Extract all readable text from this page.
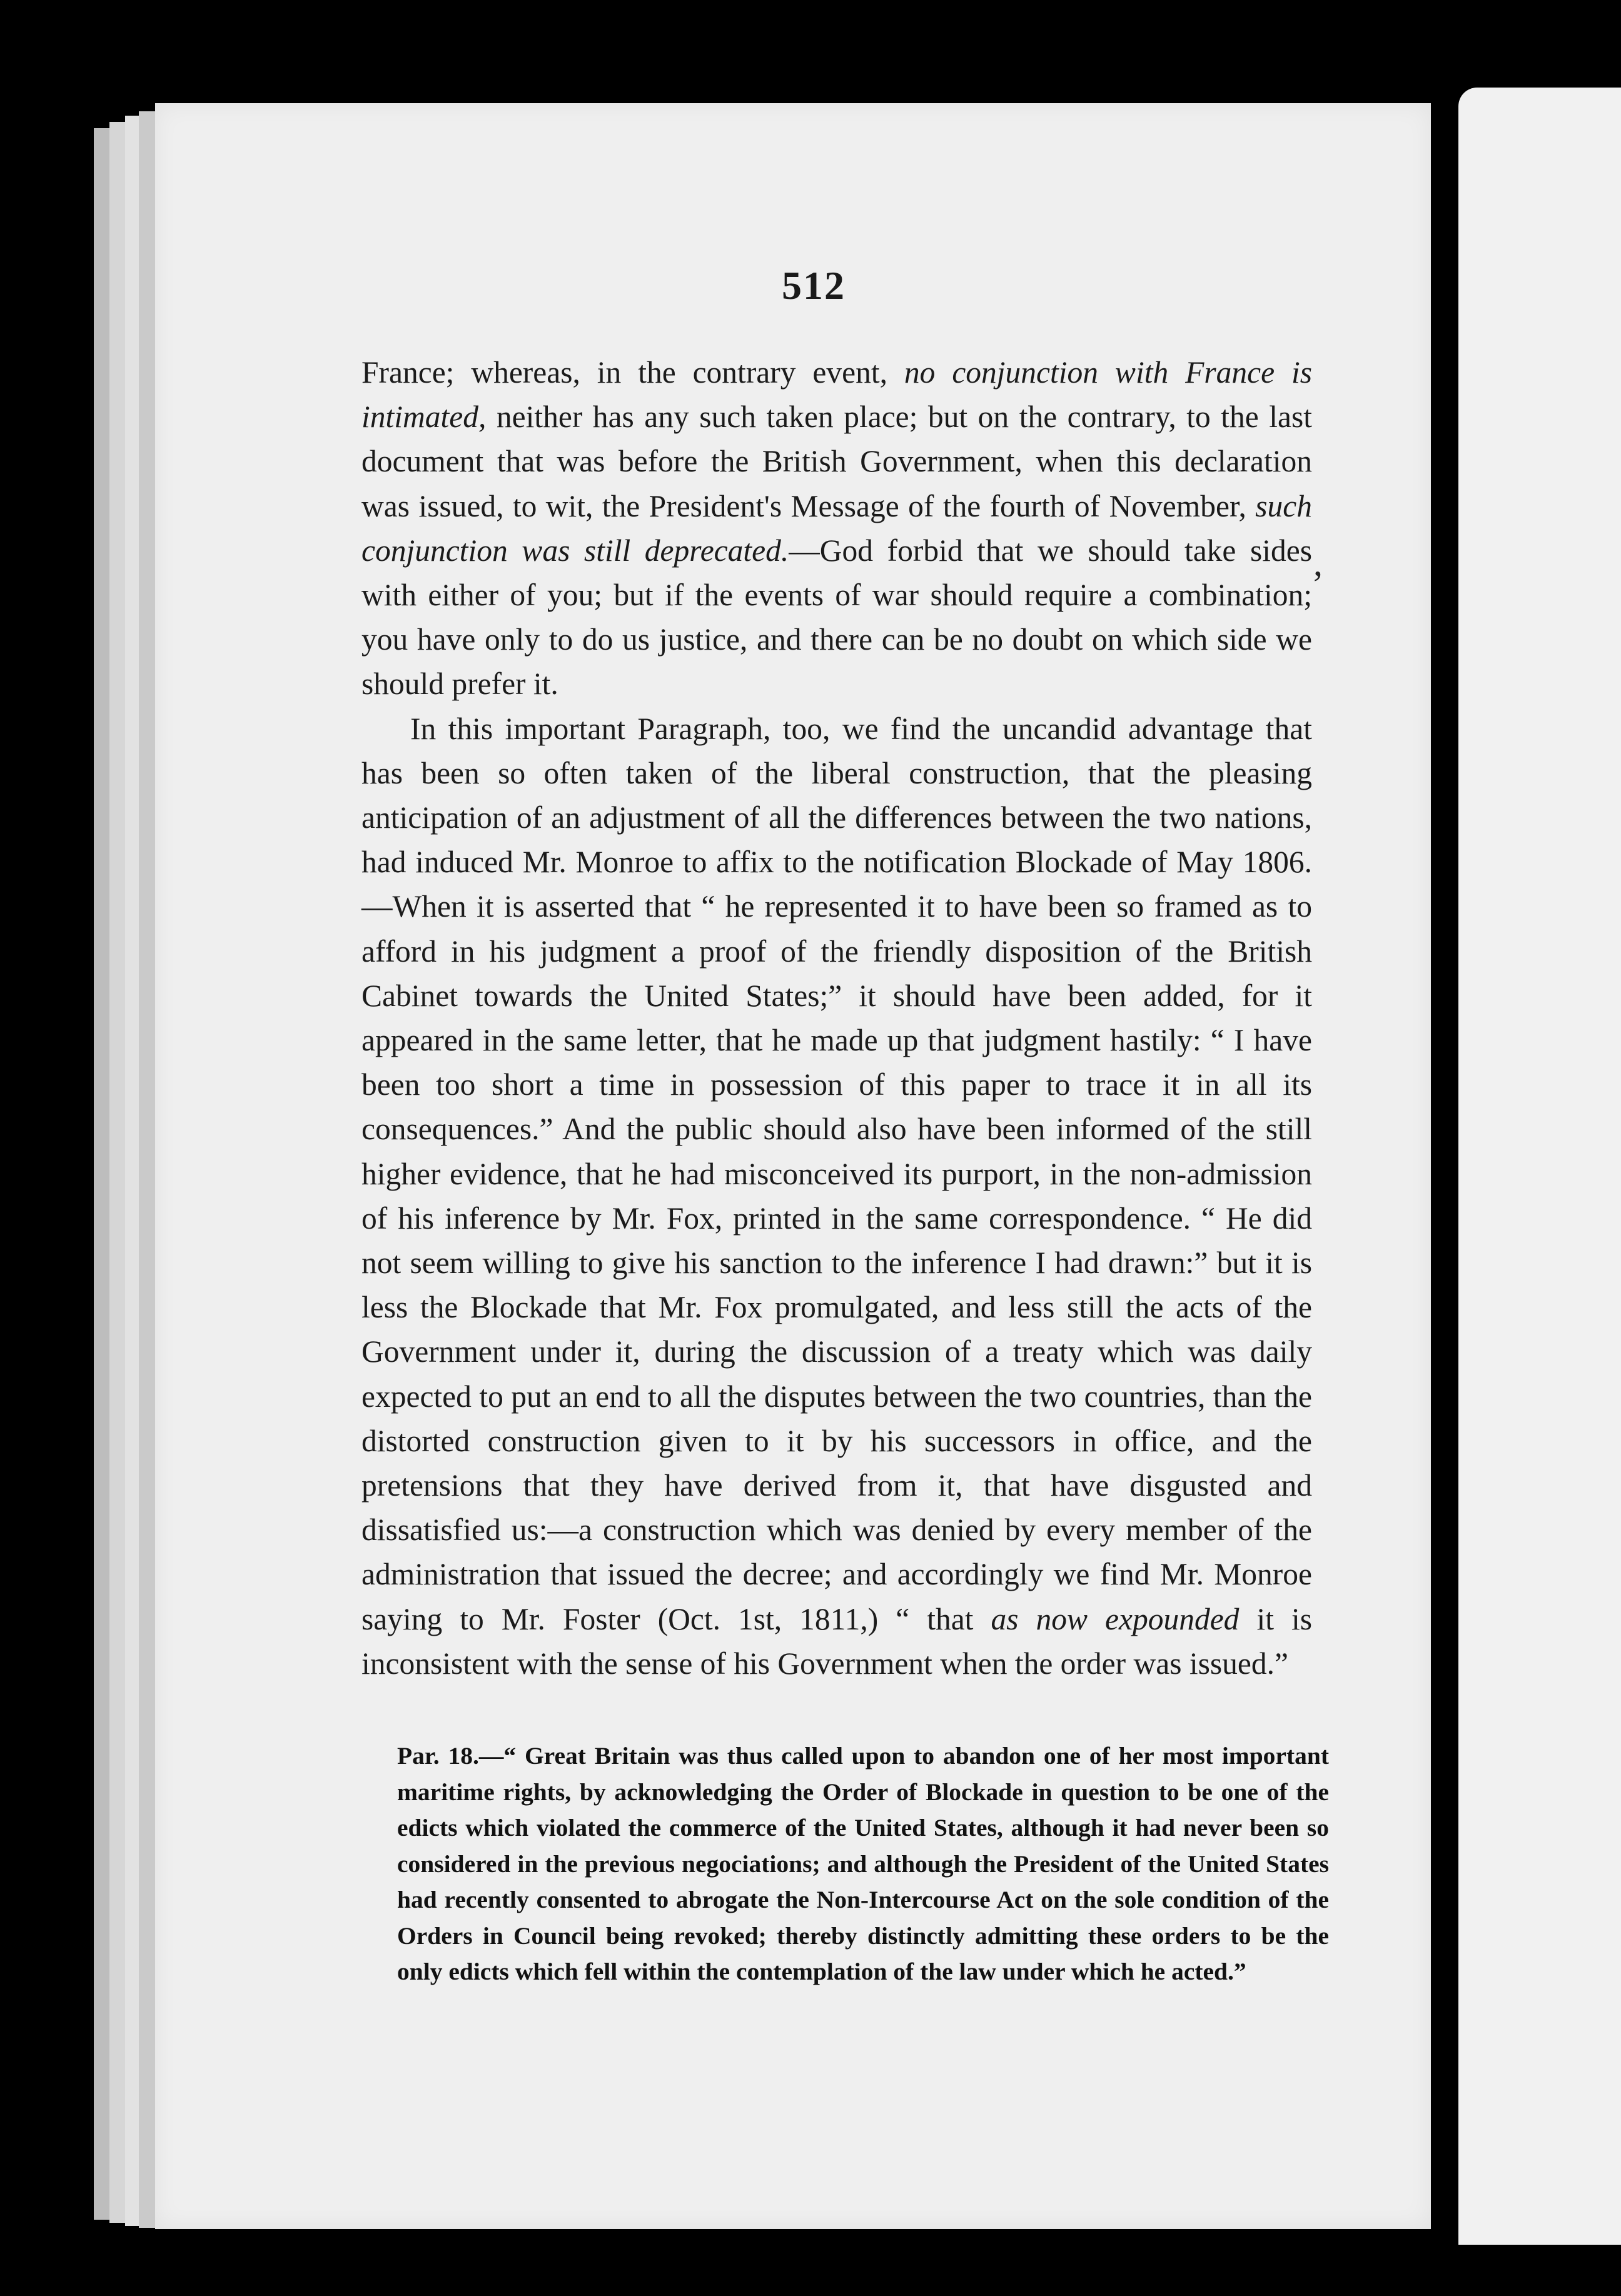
,
512

France; whereas, in the contrary event, no conjunction with France is intimated, neither has any such taken place; but on the contrary, to the last document that was before the British Government, when this declaration was issued, to wit, the President's Message of the fourth of November, such conjunction was still deprecated.—God forbid that we should take sides with either of you; but if the events of war should require a combination; you have only to do us justice, and there can be no doubt on which side we should prefer it.

In this important Paragraph, too, we find the uncandid advantage that has been so often taken of the liberal construction, that the pleasing anticipation of an adjustment of all the differences between the two nations, had induced Mr. Monroe to affix to the notification Blockade of May 1806.—When it is asserted that “ he represented it to have been so framed as to afford in his judgment a proof of the friendly disposition of the British Cabinet towards the United States;” it should have been added, for it appeared in the same letter, that he made up that judgment hastily: “ I have been too short a time in possession of this paper to trace it in all its consequences.” And the public should also have been informed of the still higher evidence, that he had misconceived its purport, in the non-admission of his inference by Mr. Fox, printed in the same correspondence. “ He did not seem willing to give his sanction to the inference I had drawn:” but it is less the Blockade that Mr. Fox promulgated, and less still the acts of the Government under it, during the discussion of a treaty which was daily expected to put an end to all the disputes between the two countries, than the distorted construction given to it by his successors in office, and the pretensions that they have derived from it, that have disgusted and dissatisfied us:—a construction which was denied by every member of the administration that issued the decree; and accordingly we find Mr. Monroe saying to Mr. Foster (Oct. 1st, 1811,) “ that as now expounded it is inconsistent with the sense of his Government when the order was issued.”

Par. 18.—“ Great Britain was thus called upon to abandon one of her most important maritime rights, by acknowledging the Order of Blockade in question to be one of the edicts which violated the commerce of the United States, although it had never been so considered in the previous negociations; and although the President of the United States had recently consented to abrogate the Non-Intercourse Act on the sole condition of the Orders in Council being revoked; thereby distinctly admitting these orders to be the only edicts which fell within the contemplation of the law under which he acted.”
